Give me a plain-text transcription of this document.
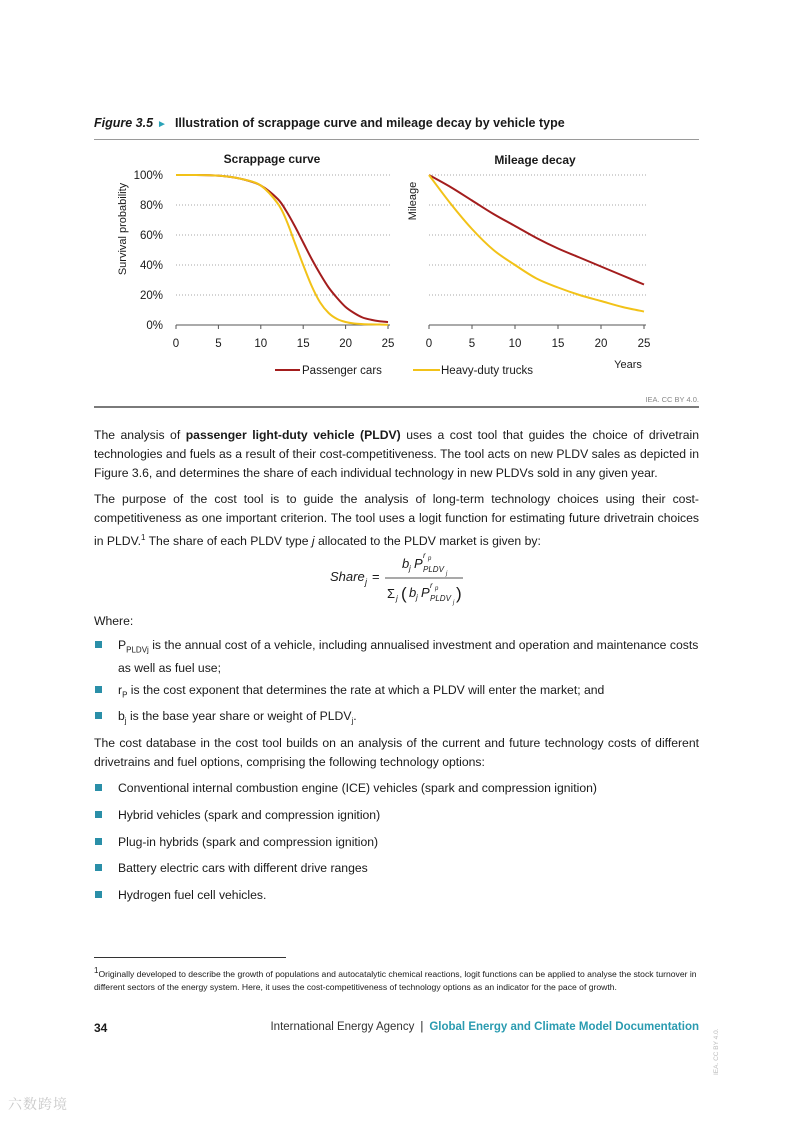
Figure 3.5 ► Illustration of scrappage curve and mileage decay by vehicle type
Scrappage curve	Mileage decay
Survival probability	Mileage
0	5	10	15	20	25
0%
20%
40%
60%
80%
100%
0	5	10	15	20	25
Years
Passenger cars	Heavy-duty trucks
IEA. CC BY 4.0.
The analysis of passenger light-duty vehicle (PLDV) uses a cost tool that guides the choice of drivetrain technologies and fuels as a result of their cost-competitiveness. The tool acts on new PLDV sales as depicted in Figure 3.6, and determines the share of each individual technology in new PLDVs sold in any given year.
The purpose of the cost tool is to guide the analysis of long-term technology choices using their cost-competitiveness as one important criterion. The tool uses a logit function for estimating future drivetrain choices in PLDV.$^1$ The share of each PLDV type j allocated to the PLDV market is given by:
Share j =
b j P
r p
PLDV j
Σ j ( b j P r p
PLDV j )
Where:
$P_{PLDVj}$ is the annual cost of a vehicle, including annualised investment and operation and maintenance costs as well as fuel use;
$r_P$ is the cost exponent that determines the rate at which a PLDV will enter the market; and
$b_j$ is the base year share or weight of $PLDV_j$.
The cost database in the cost tool builds on an analysis of the current and future technology costs of different drivetrains and fuel options, comprising the following technology options:
Conventional internal combustion engine (ICE) vehicles (spark and compression ignition)
Hybrid vehicles (spark and compression ignition)
Plug-in hybrids (spark and compression ignition)
Battery electric cars with different drive ranges
Hydrogen fuel cell vehicles.
$^1$Originally developed to describe the growth of populations and autocatalytic chemical reactions, logit functions can be applied to analyse the stock turnover in different sectors of the energy system. Here, it uses the cost-competitiveness of technology options as an indicator for the pace of growth.
34	International Energy Agency | Global Energy and Climate Model Documentation
IEA. CC BY 4.0.
六数跨境
